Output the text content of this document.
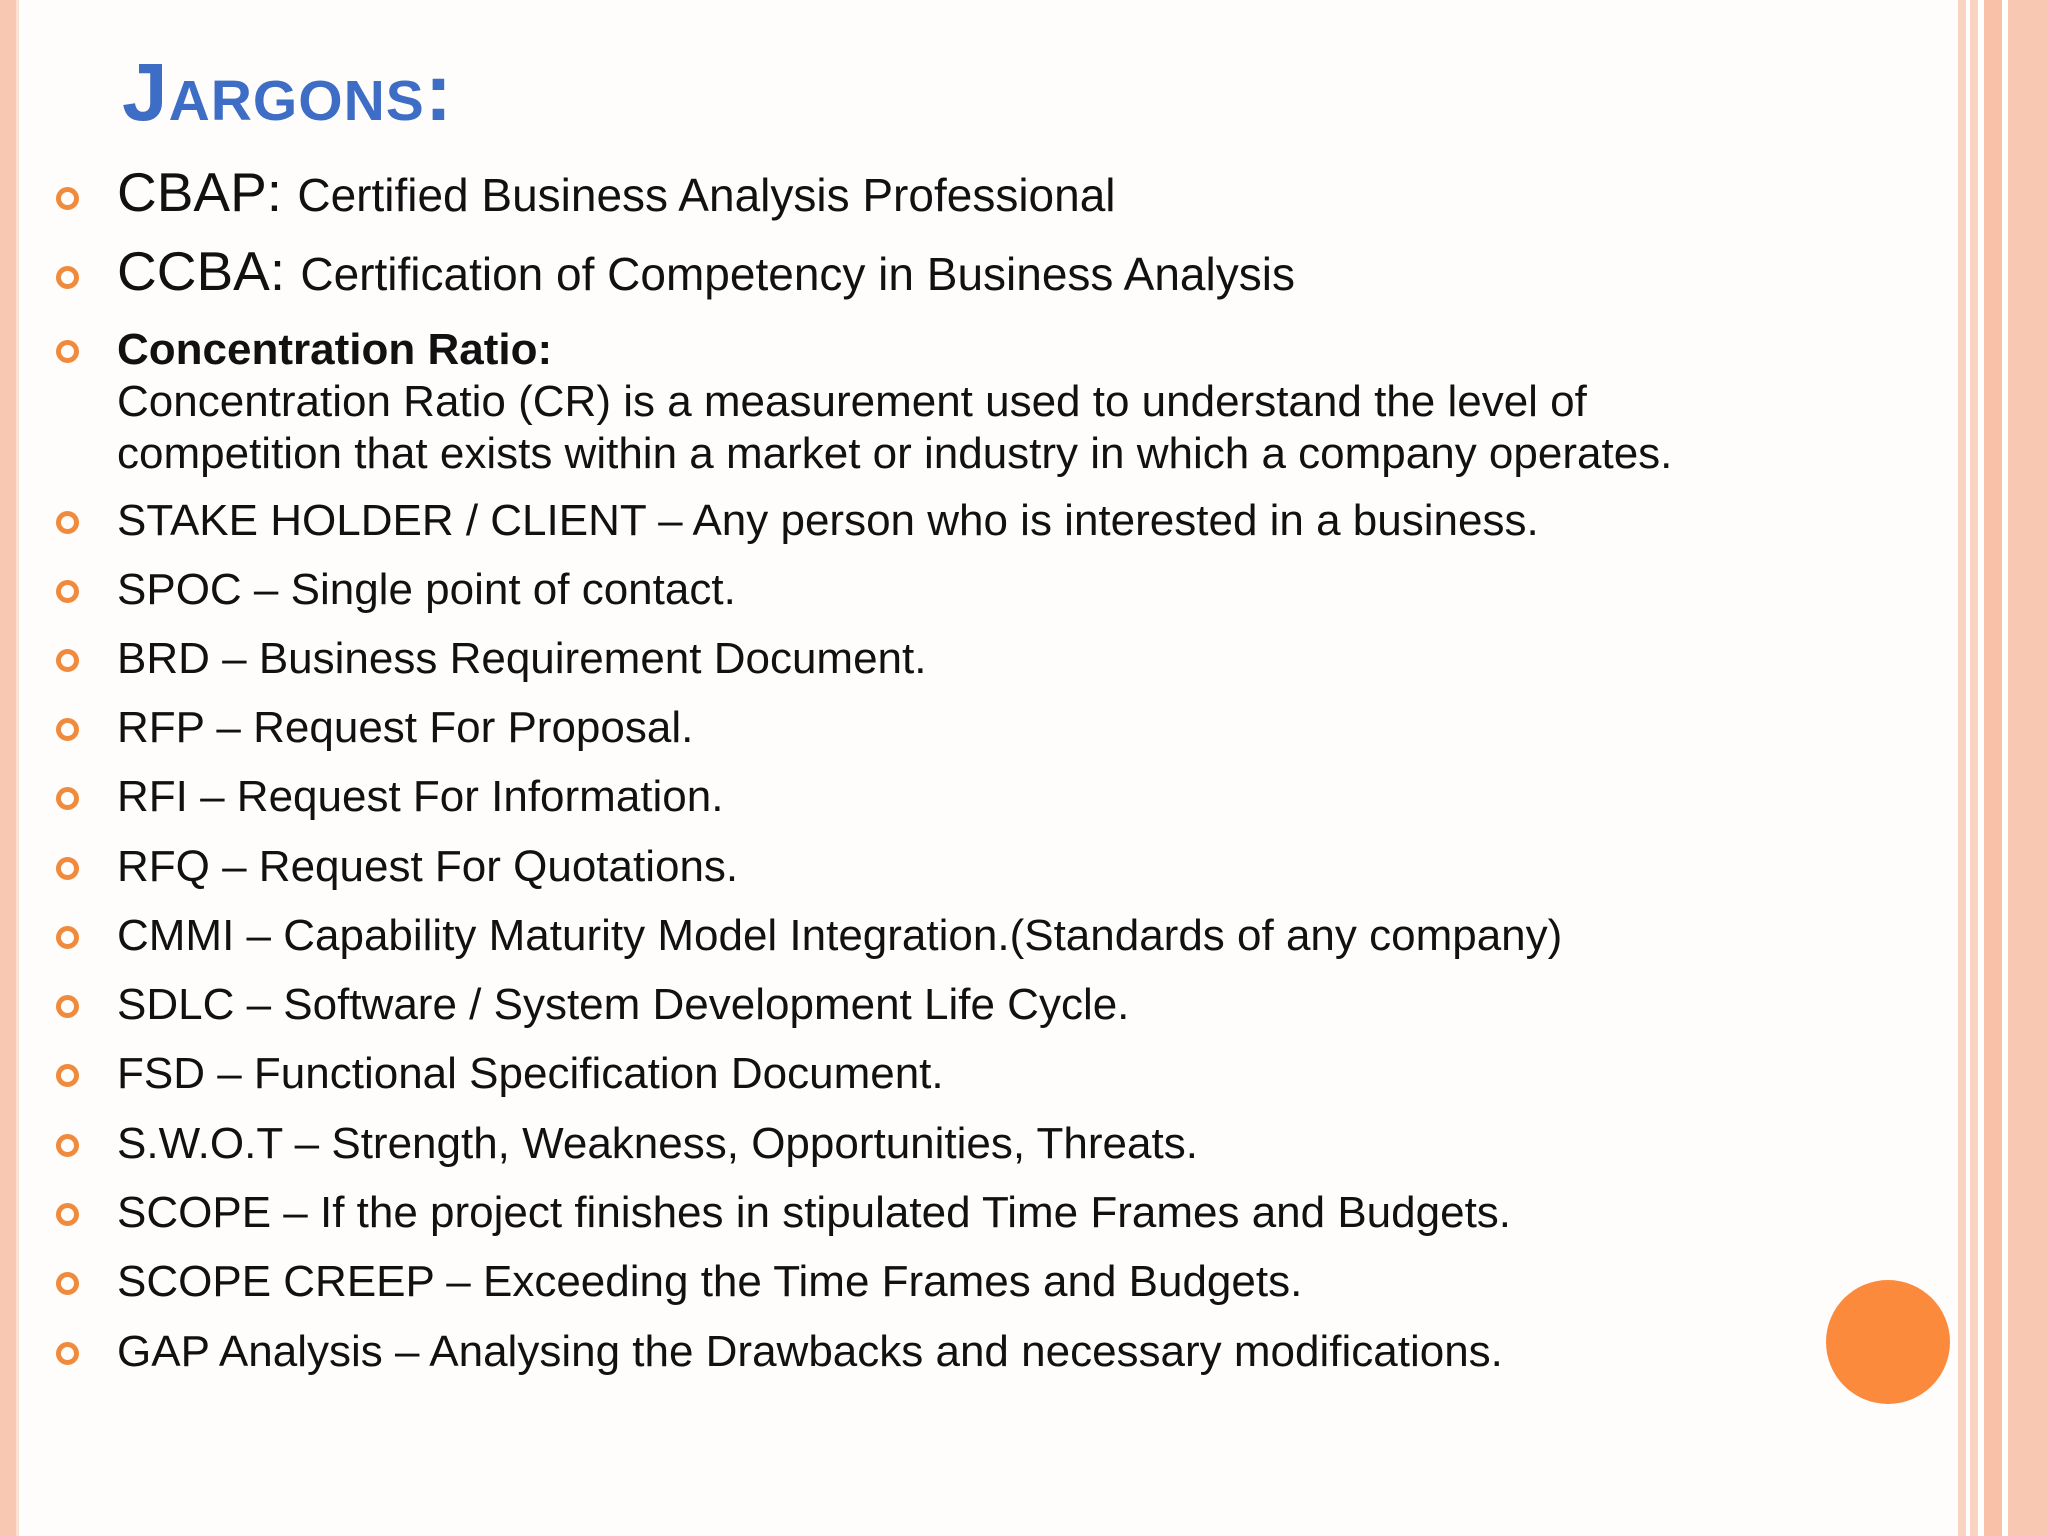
Jargons:
CBAP: Certified Business Analysis Professional
CCBA: Certification of Competency in Business Analysis
Concentration Ratio:
Concentration Ratio (CR) is a measurement used to understand the level of
competition that exists within a market or industry in which a company operates.
STAKE HOLDER / CLIENT – Any person who is interested in a business.
SPOC – Single point of contact.
BRD – Business Requirement Document.
RFP – Request For Proposal.
RFI – Request For Information.
RFQ – Request For Quotations.
CMMI – Capability Maturity Model Integration.(Standards of any company)
SDLC – Software / System Development Life Cycle.
FSD – Functional Specification Document.
S.W.O.T – Strength, Weakness, Opportunities, Threats.
SCOPE – If the project finishes in stipulated Time Frames and Budgets.
SCOPE CREEP – Exceeding the Time Frames and Budgets.
GAP Analysis – Analysing the Drawbacks and necessary modifications.
